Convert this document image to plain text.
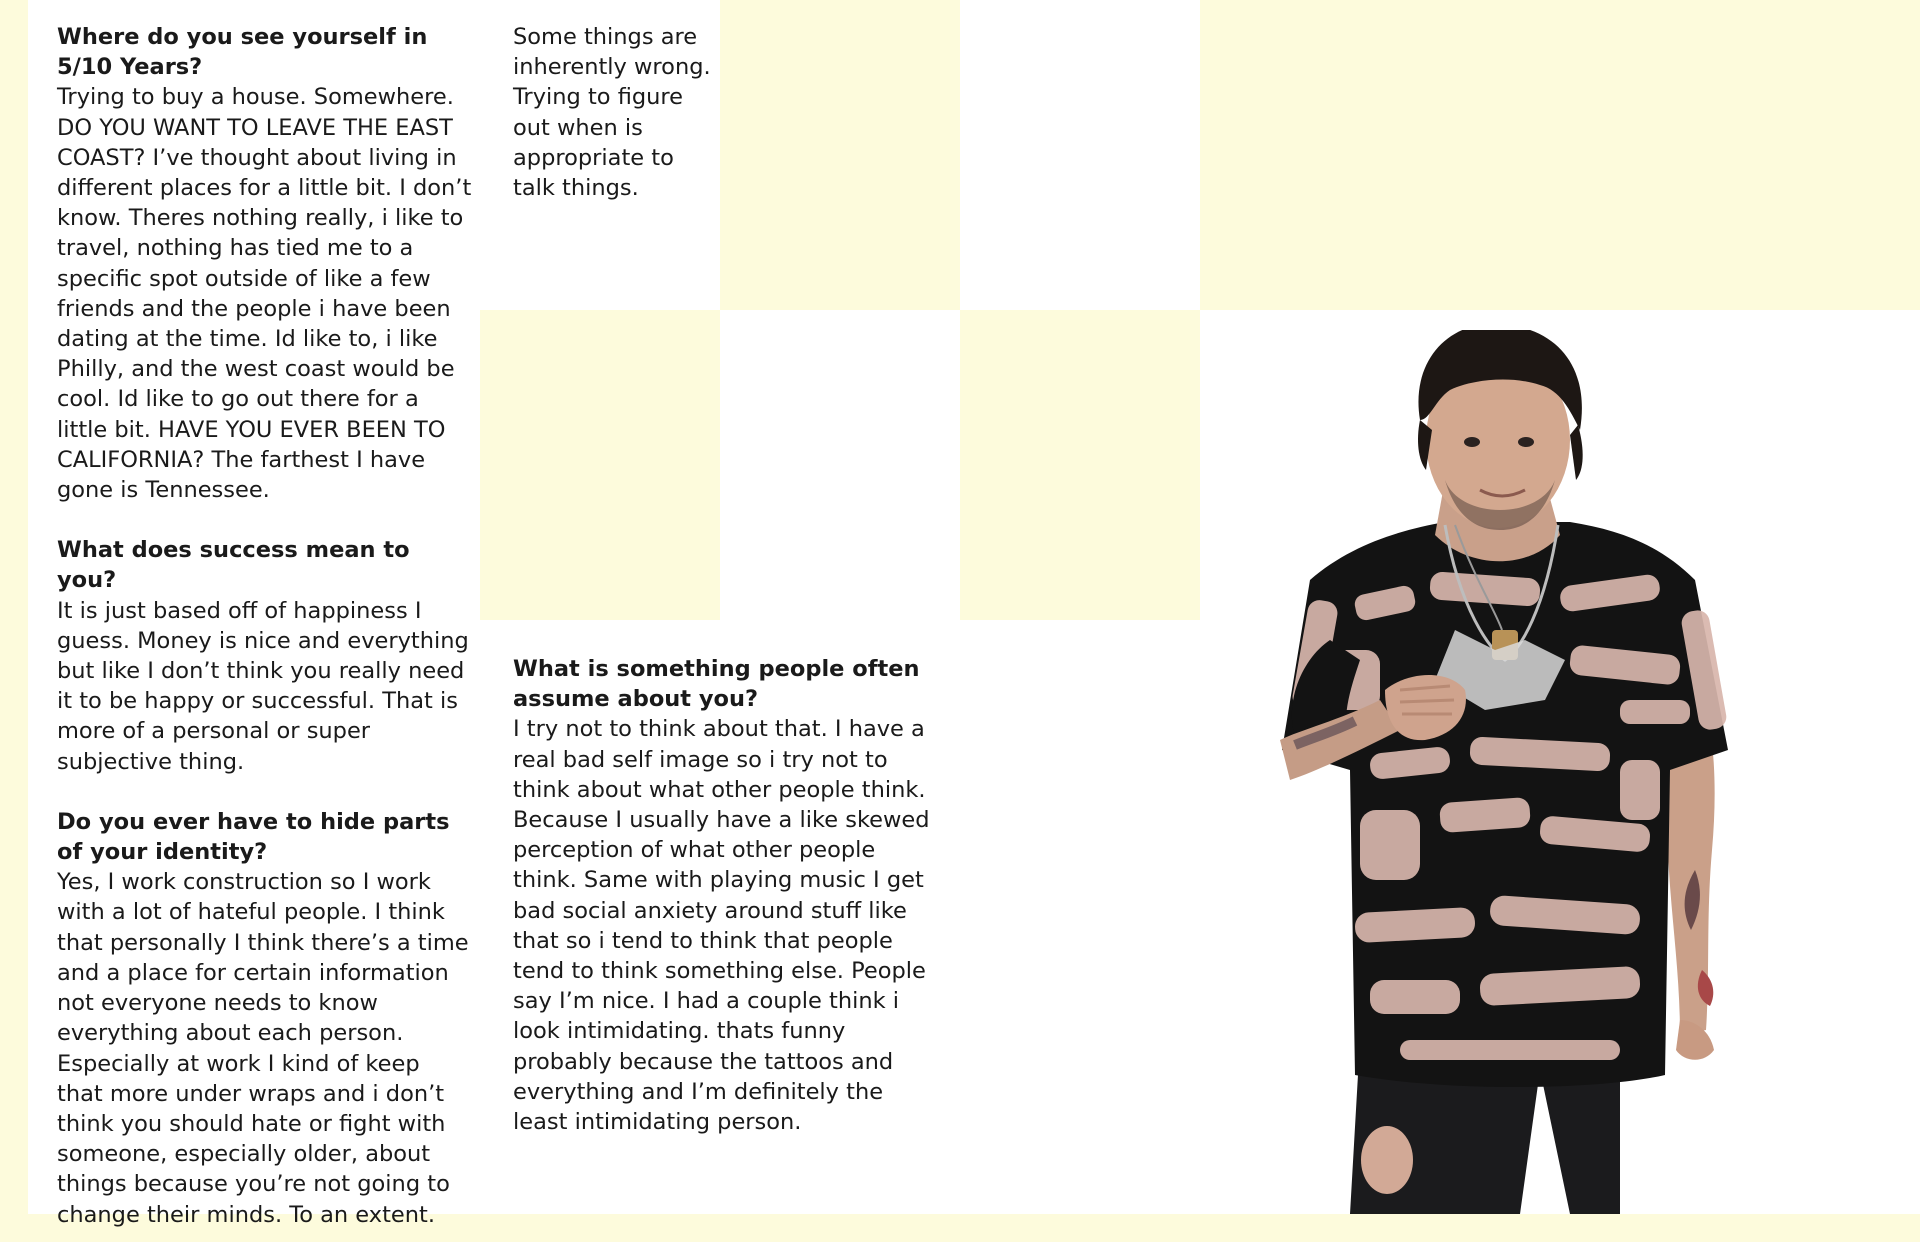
Where do you see yourself in 5/10 Years?

Trying to buy a house. Somewhere. DO YOU WANT TO LEAVE THE EAST COAST? I’ve thought about living in different places for a little bit. I don’t know. Theres nothing really, i like to travel, nothing has tied me to a specific spot outside of like a few friends and the people i have been dating at the time. Id like to, i like Philly, and the west coast would be cool. Id like to go out there for a little bit. HAVE YOU EVER BEEN TO CALIFORNIA? The farthest I have gone is Tennessee.

What does success mean to you?

It is just based off of happiness I guess. Money is nice and everything but like I don’t think you really need it to be happy or successful. That is more of a personal or super subjective thing.

Do you ever have to hide parts of your identity?

Yes, I work construction so I work with a lot of hateful people. I think that personally I think there’s a time and a place for certain information not everyone needs to know everything about each person. Especially at work I kind of keep that more under wraps and i don’t think you should hate or fight with someone, especially older, about things because you’re not going to change their minds. To an extent.

Some things are inherently wrong. Trying to figure out when is appropriate to talk things.

What is something people often assume about you?

I try not to think about that. I have a real bad self image so i try not to think about what other people think. Because I usually have a like skewed perception of what other people think. Same with playing music I get bad social anxiety around stuff like that so i tend to think that people tend to think something else. People say I’m nice. I had a couple think i look intimidating. thats funny probably because the tattoos and everything and I’m definitely the least intimidating person.
